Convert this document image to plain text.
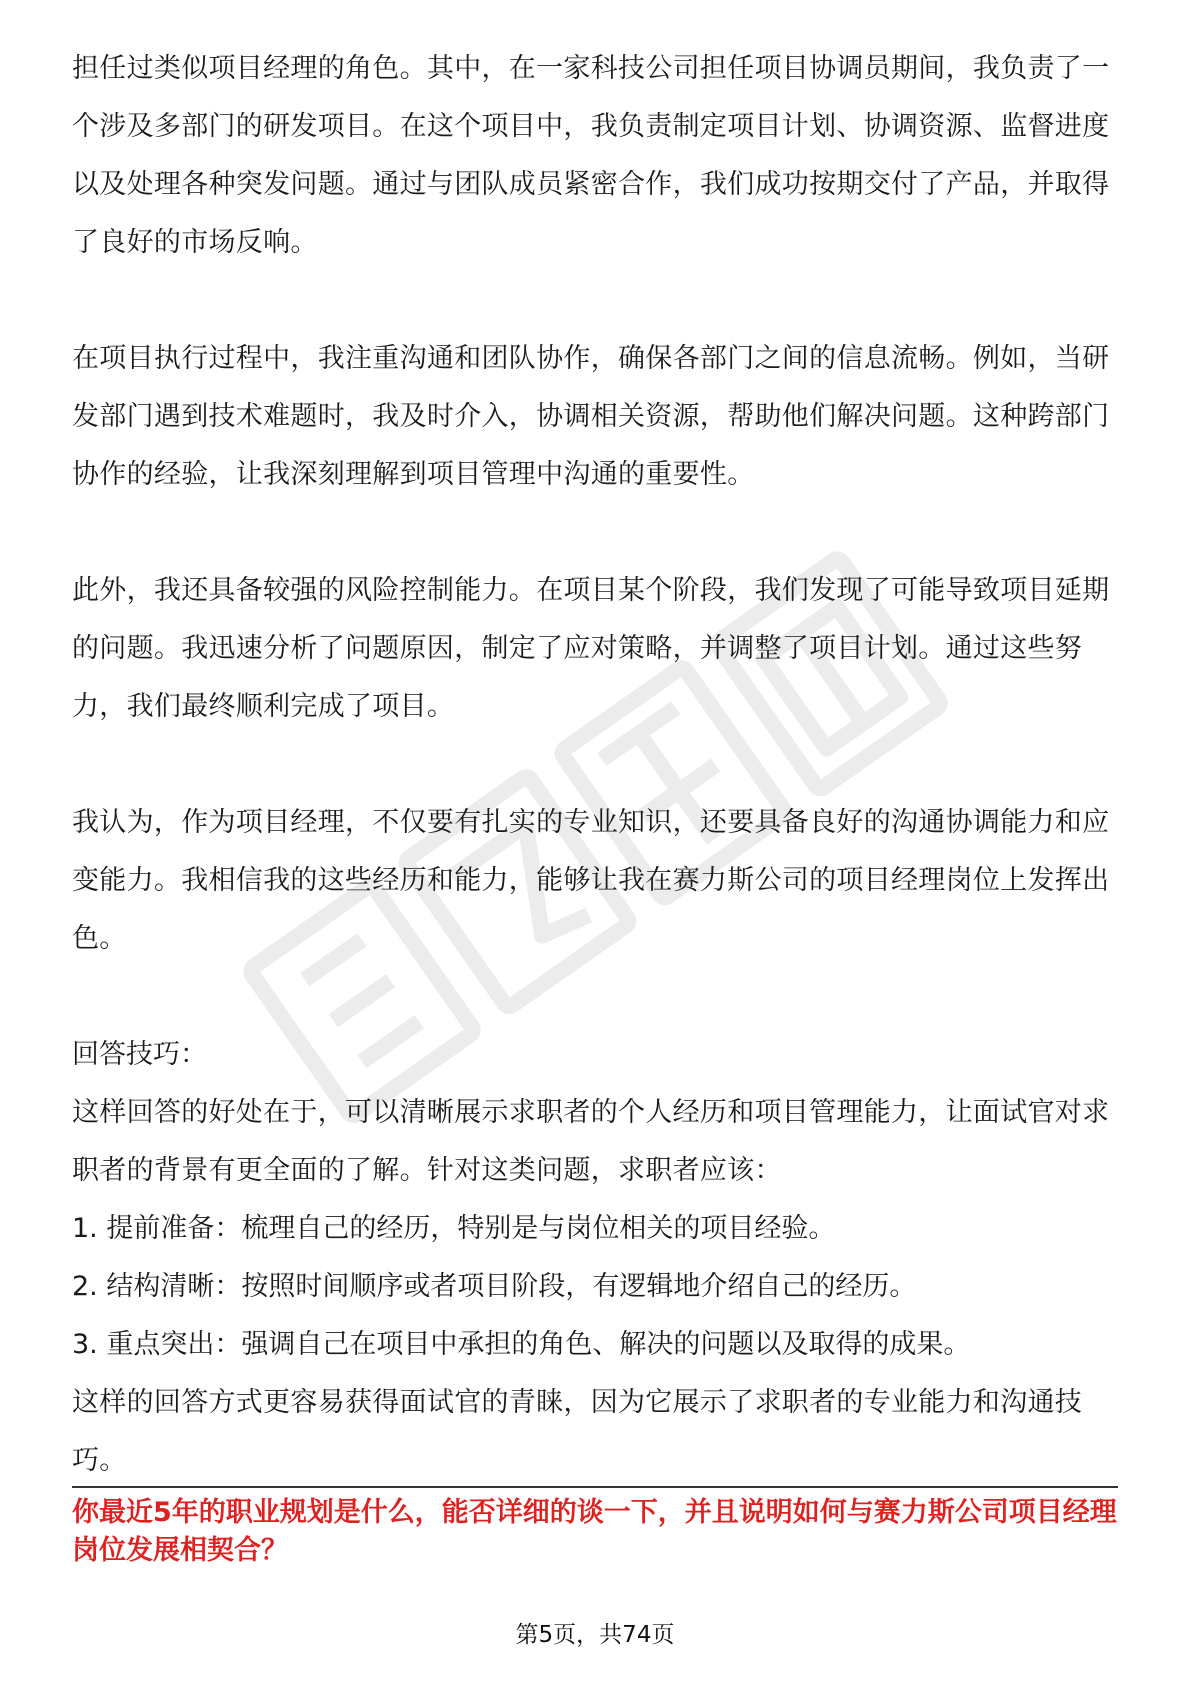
担任过类似项目经理的角色。其中，在一家科技公司担任项目协调员期间，我负责了一个涉及多部门的研发项目。在这个项目中，我负责制定项目计划、协调资源、监督进度以及处理各种突发问题。通过与团队成员紧密合作，我们成功按期交付了产品，并取得了良好的市场反响。

在项目执行过程中，我注重沟通和团队协作，确保各部门之间的信息流畅。例如，当研发部门遇到技术难题时，我及时介入，协调相关资源，帮助他们解决问题。这种跨部门协作的经验，让我深刻理解到项目管理中沟通的重要性。

此外，我还具备较强的风险控制能力。在项目某个阶段，我们发现了可能导致项目延期的问题。我迅速分析了问题原因，制定了应对策略，并调整了项目计划。通过这些努力，我们最终顺利完成了项目。

我认为，作为项目经理，不仅要有扎实的专业知识，还要具备良好的沟通协调能力和应变能力。我相信我的这些经历和能力，能够让我在赛力斯公司的项目经理岗位上发挥出色。

回答技巧：

这样回答的好处在于，可以清晰展示求职者的个人经历和项目管理能力，让面试官对求职者的背景有更全面的了解。针对这类问题，求职者应该：

1. 提前准备：梳理自己的经历，特别是与岗位相关的项目经验。

2. 结构清晰：按照时间顺序或者项目阶段，有逻辑地介绍自己的经历。

3. 重点突出：强调自己在项目中承担的角色、解决的问题以及取得的成果。

这样的回答方式更容易获得面试官的青睐，因为它展示了求职者的专业能力和沟通技巧。

你最近5年的职业规划是什么，能否详细的谈一下，并且说明如何与赛力斯公司项目经理岗位发展相契合？

第5页，共74页
